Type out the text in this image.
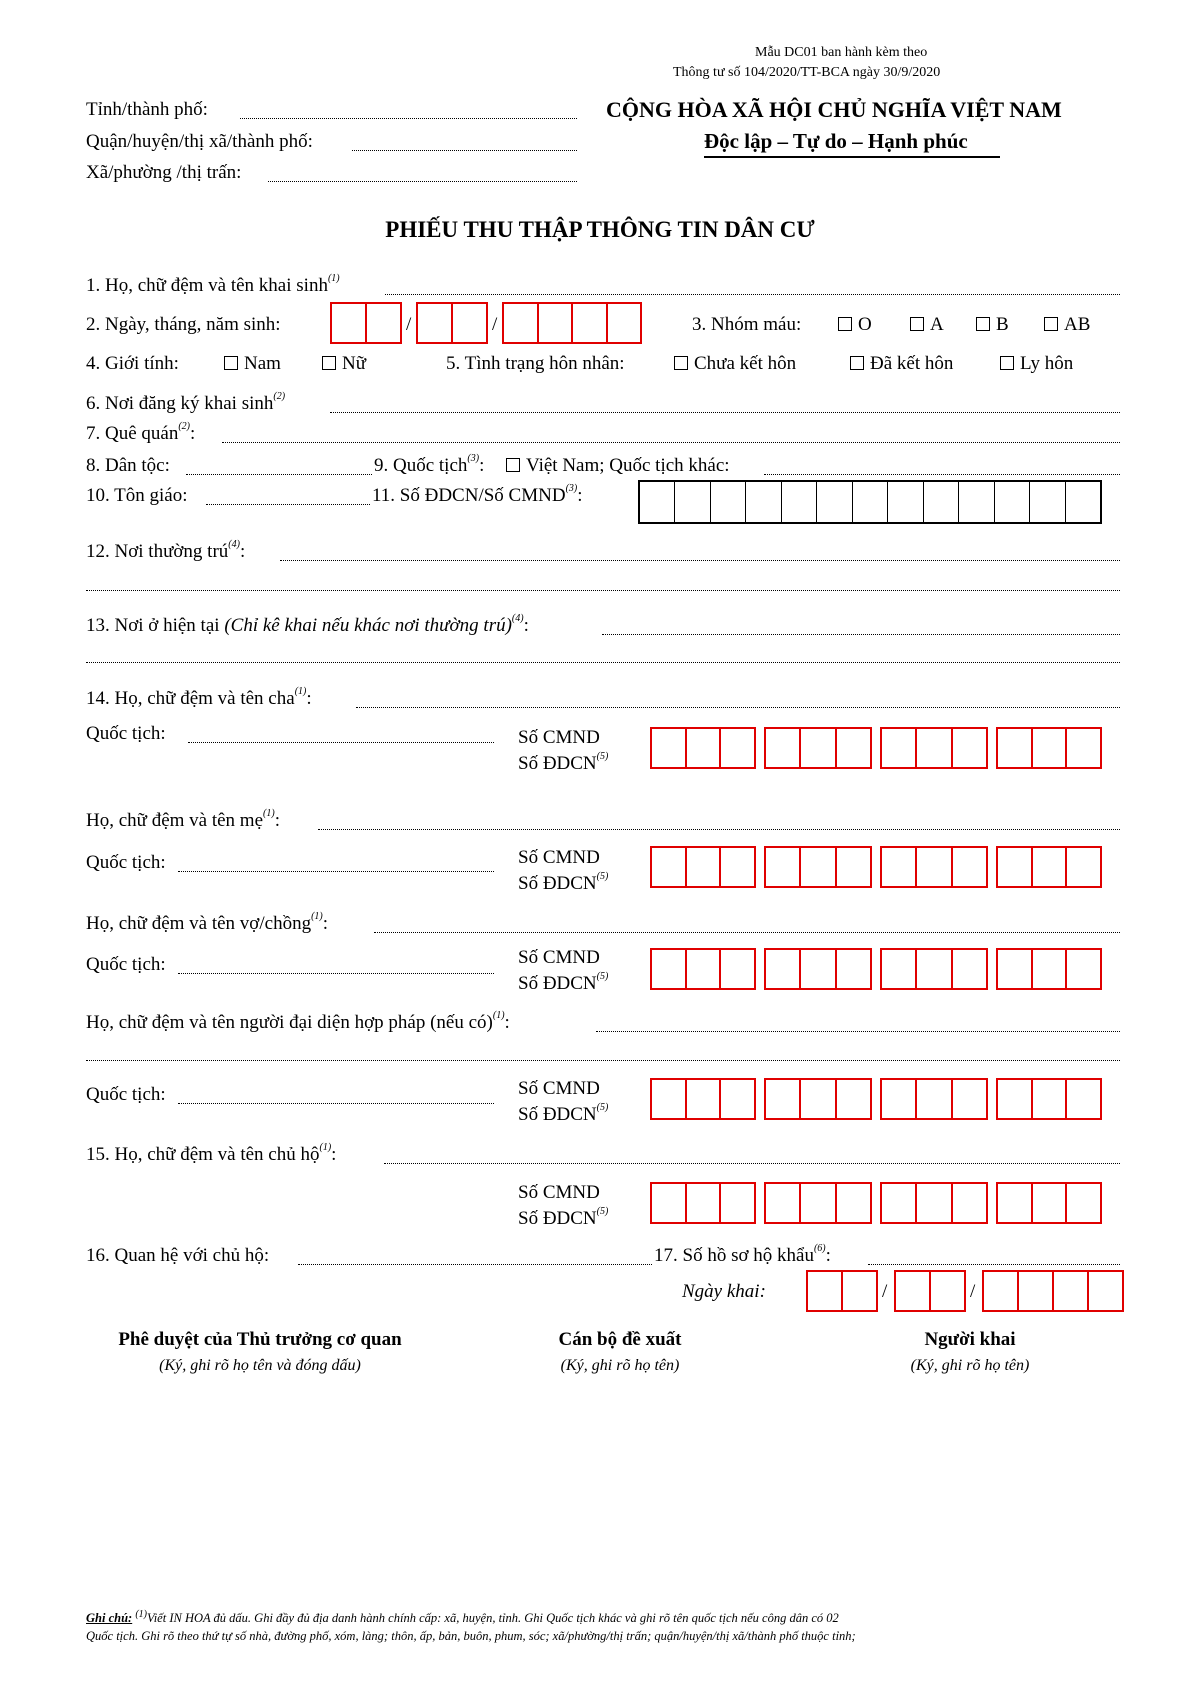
Mẫu DC01 ban hành kèm theo
Thông tư số 104/2020/TT-BCA ngày 30/9/2020
Tỉnh/thành phố:
Quận/huyện/thị xã/thành phố:
Xã/phường /thị trấn:
CỘNG HÒA XÃ HỘI CHỦ NGHĨA VIỆT NAM
Độc lập – Tự do – Hạnh phúc
PHIẾU THU THẬP THÔNG TIN DÂN CƯ
1. Họ, chữ đệm và tên khai $\sinh^{(1)}$
2. Ngày, tháng, năm sinh:	/	/	3. Nhóm máu:	O	A	B	AB
4. Giới tính:	Nam	Nữ	5. Tình trạng hôn nhân:	Chưa kết hôn	Đã kết hôn	Ly hôn
6. Nơi đăng ký khai $\sinh^{(2)}$
7. Quê quán$^{(2)}$:
8. Dân tộc:	9. Quốc tịch$^{(3)}$:	Việt Nam; Quốc tịch khác:
10. Tôn giáo:	11. Số ĐDCN/Số CMND$^{(3)}$:
12. Nơi thường trú$^{(4)}$:
13. Nơi ở hiện tại (Chỉ kê khai nếu khác nơi thường trú)$^{(4)}$:
14. Họ, chữ đệm và tên cha$^{(1)}$:
Quốc tịch:	Số CMND
Số ĐDCN$^{(5)}$
Họ, chữ đệm và tên mẹ$^{(1)}$:
Quốc tịch:	Số CMND
Số ĐDCN$^{(5)}$
Họ, chữ đệm và tên vợ/chồng$^{(1)}$:
Quốc tịch:	Số CMND
Số ĐDCN$^{(5)}$
Họ, chữ đệm và tên người đại diện hợp pháp (nếu có)$^{(1)}$:
Quốc tịch:	Số CMND
Số ĐDCN$^{(5)}$
15. Họ, chữ đệm và tên chủ hộ$^{(1)}$:
Số CMND
Số ĐDCN$^{(5)}$
16. Quan hệ với chủ hộ:	17. Số hồ sơ hộ khẩu$^{(6)}$:
Ngày khai:	/	/
Phê duyệt của Thủ trưởng cơ quan
(Ký, ghi rõ họ tên và đóng dấu)
Cán bộ đề xuất
(Ký, ghi rõ họ tên)
Người khai
(Ký, ghi rõ họ tên)
Ghi chú: $^{(1)}$Viết IN HOA đủ dấu. Ghi đầy đủ địa danh hành chính cấp: xã, huyện, tỉnh. Ghi Quốc tịch khác và ghi rõ tên quốc tịch nếu công dân có 02
Quốc tịch. Ghi rõ theo thứ tự số nhà, đường phố, xóm, làng; thôn, ấp, bản, buôn, phum, sóc; xã/phường/thị trấn; quận/huyện/thị xã/thành phố thuộc tỉnh;
